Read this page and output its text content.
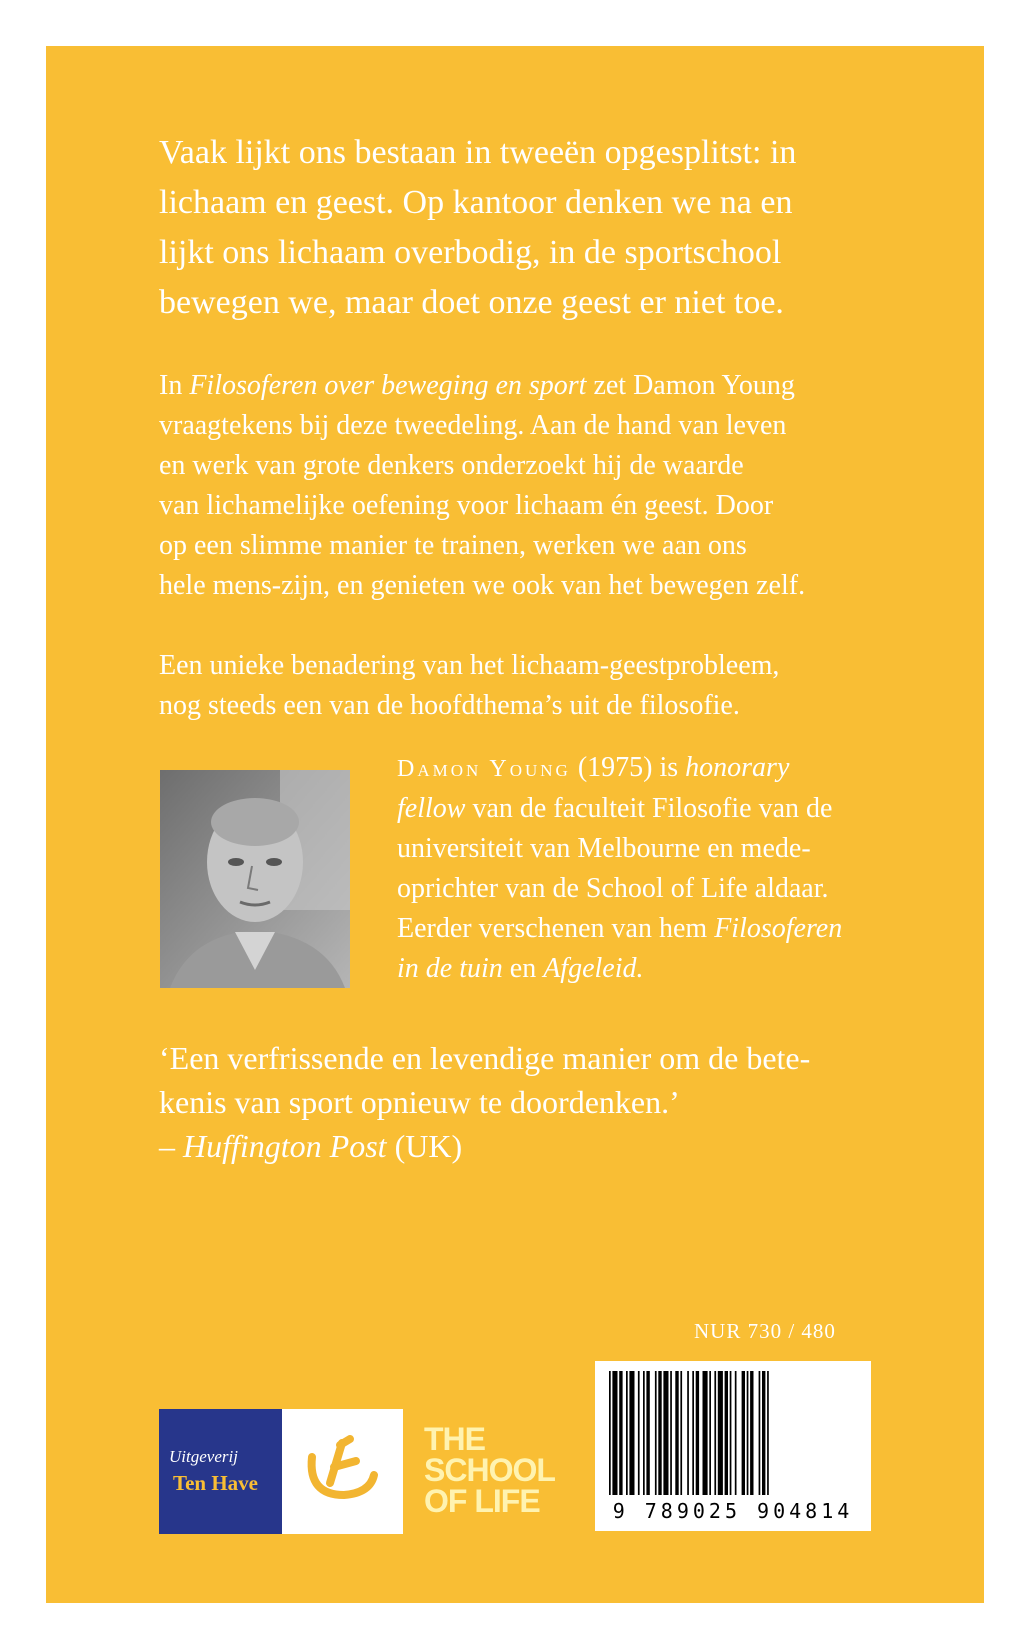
Vaak lijkt ons bestaan in tweeën opgesplitst: in
lichaam en geest. Op kantoor denken we na en
lijkt ons lichaam overbodig, in de sportschool
bewegen we, maar doet onze geest er niet toe.
In Filosoferen over beweging en sport zet Damon Young
vraagtekens bij deze tweedeling. Aan de hand van leven
en werk van grote denkers onderzoekt hij de waarde
van lichamelijke oefening voor lichaam én geest. Door
op een slimme manier te trainen, werken we aan ons
hele mens-zijn, en genieten we ook van het bewegen zelf.
Een unieke benadering van het lichaam-geestprobleem,
nog steeds een van de hoofdthema’s uit de filosofie.
Damon Young (1975) is honorary
fellow van de faculteit Filosofie van de
universiteit van Melbourne en mede-
oprichter van de School of Life aldaar.
Eerder verschenen van hem Filosoferen
in de tuin en Afgeleid.
‘Een verfrissende en levendige manier om de bete-
kenis van sport opnieuw te doordenken.’
– Huffington Post (UK)
NUR 730 / 480
9 789025 904814
Uitgeverij
Ten Have
THE
SCHOOL
OF LIFE
